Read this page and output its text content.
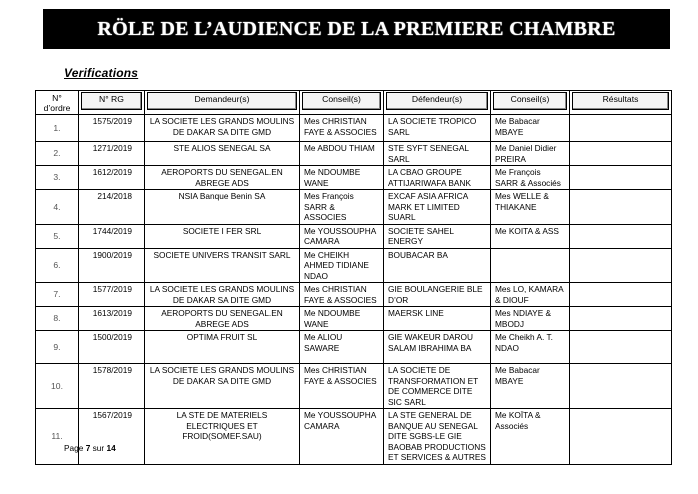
RÖLE DE L’AUDIENCE DE LA PREMIERE CHAMBRE
Verifications
N° d’ordre	N° RG	Demandeur(s)	Conseil(s)	Défendeur(s)	Conseil(s)	Résultats

1.	1575/2019	LA SOCIETE LES GRANDS MOULINS DE DAKAR SA DITE GMD	Mes CHRISTIAN FAYE & ASSOCIES	LA SOCIETE TROPICO SARL	Me Babacar MBAYE	
2.	1271/2019	STE ALIOS SENEGAL SA	Me ABDOU THIAM	STE SYFT SENEGAL SARL	Me Daniel Didier PREIRA	
3.	1612/2019	AEROPORTS DU SENEGAL.EN ABREGE ADS	Me NDOUMBE WANE	LA CBAO GROUPE ATTIJARIWAFA BANK	Me François SARR & Associés	
4.	214/2018	NSIA Banque Benin SA	Mes François SARR & ASSOCIES	EXCAF ASIA AFRICA MARK ET LIMITED SUARL	Mes WELLE & THIAKANE	
5.	1744/2019	SOCIETE I FER SRL	Me YOUSSOUPHA CAMARA	SOCIETE SAHEL ENERGY	Me KOITA & ASS	
6.	1900/2019	SOCIETE UNIVERS TRANSIT SARL	Me CHEIKH AHMED TIDIANE NDAO	BOUBACAR BA		
7.	1577/2019	LA SOCIETE LES GRANDS MOULINS DE DAKAR SA DITE GMD	Mes CHRISTIAN FAYE & ASSOCIES	GIE BOULANGERIE BLE D’OR	Mes LO, KAMARA & DIOUF	
8.	1613/2019	AEROPORTS DU SENEGAL.EN ABREGE ADS	Me NDOUMBE WANE	MAERSK LINE	Mes NDIAYE & MBODJ	
9.	1500/2019	OPTIMA FRUIT SL	Me ALIOU SAWARE	GIE WAKEUR DAROU SALAM IBRAHIMA BA	Me Cheikh A. T. NDAO	
10.	1578/2019	LA SOCIETE LES GRANDS MOULINS DE DAKAR SA DITE GMD	Mes CHRISTIAN FAYE & ASSOCIES	LA SOCIETE DE TRANSFORMATION ET DE COMMERCE DITE SIC SARL	Me Babacar MBAYE	
11.	1567/2019	LA STE DE MATERIELS ELECTRIQUES ET FROID(SOMEF.SAU)	Me YOUSSOUPHA CAMARA	LA STE GENERAL DE BANQUE AU SENEGAL DITE SGBS-LE GIE BAOBAB PRODUCTIONS ET SERVICES & AUTRES	Me KOÏTA & Associés	
Page 7 sur 14
